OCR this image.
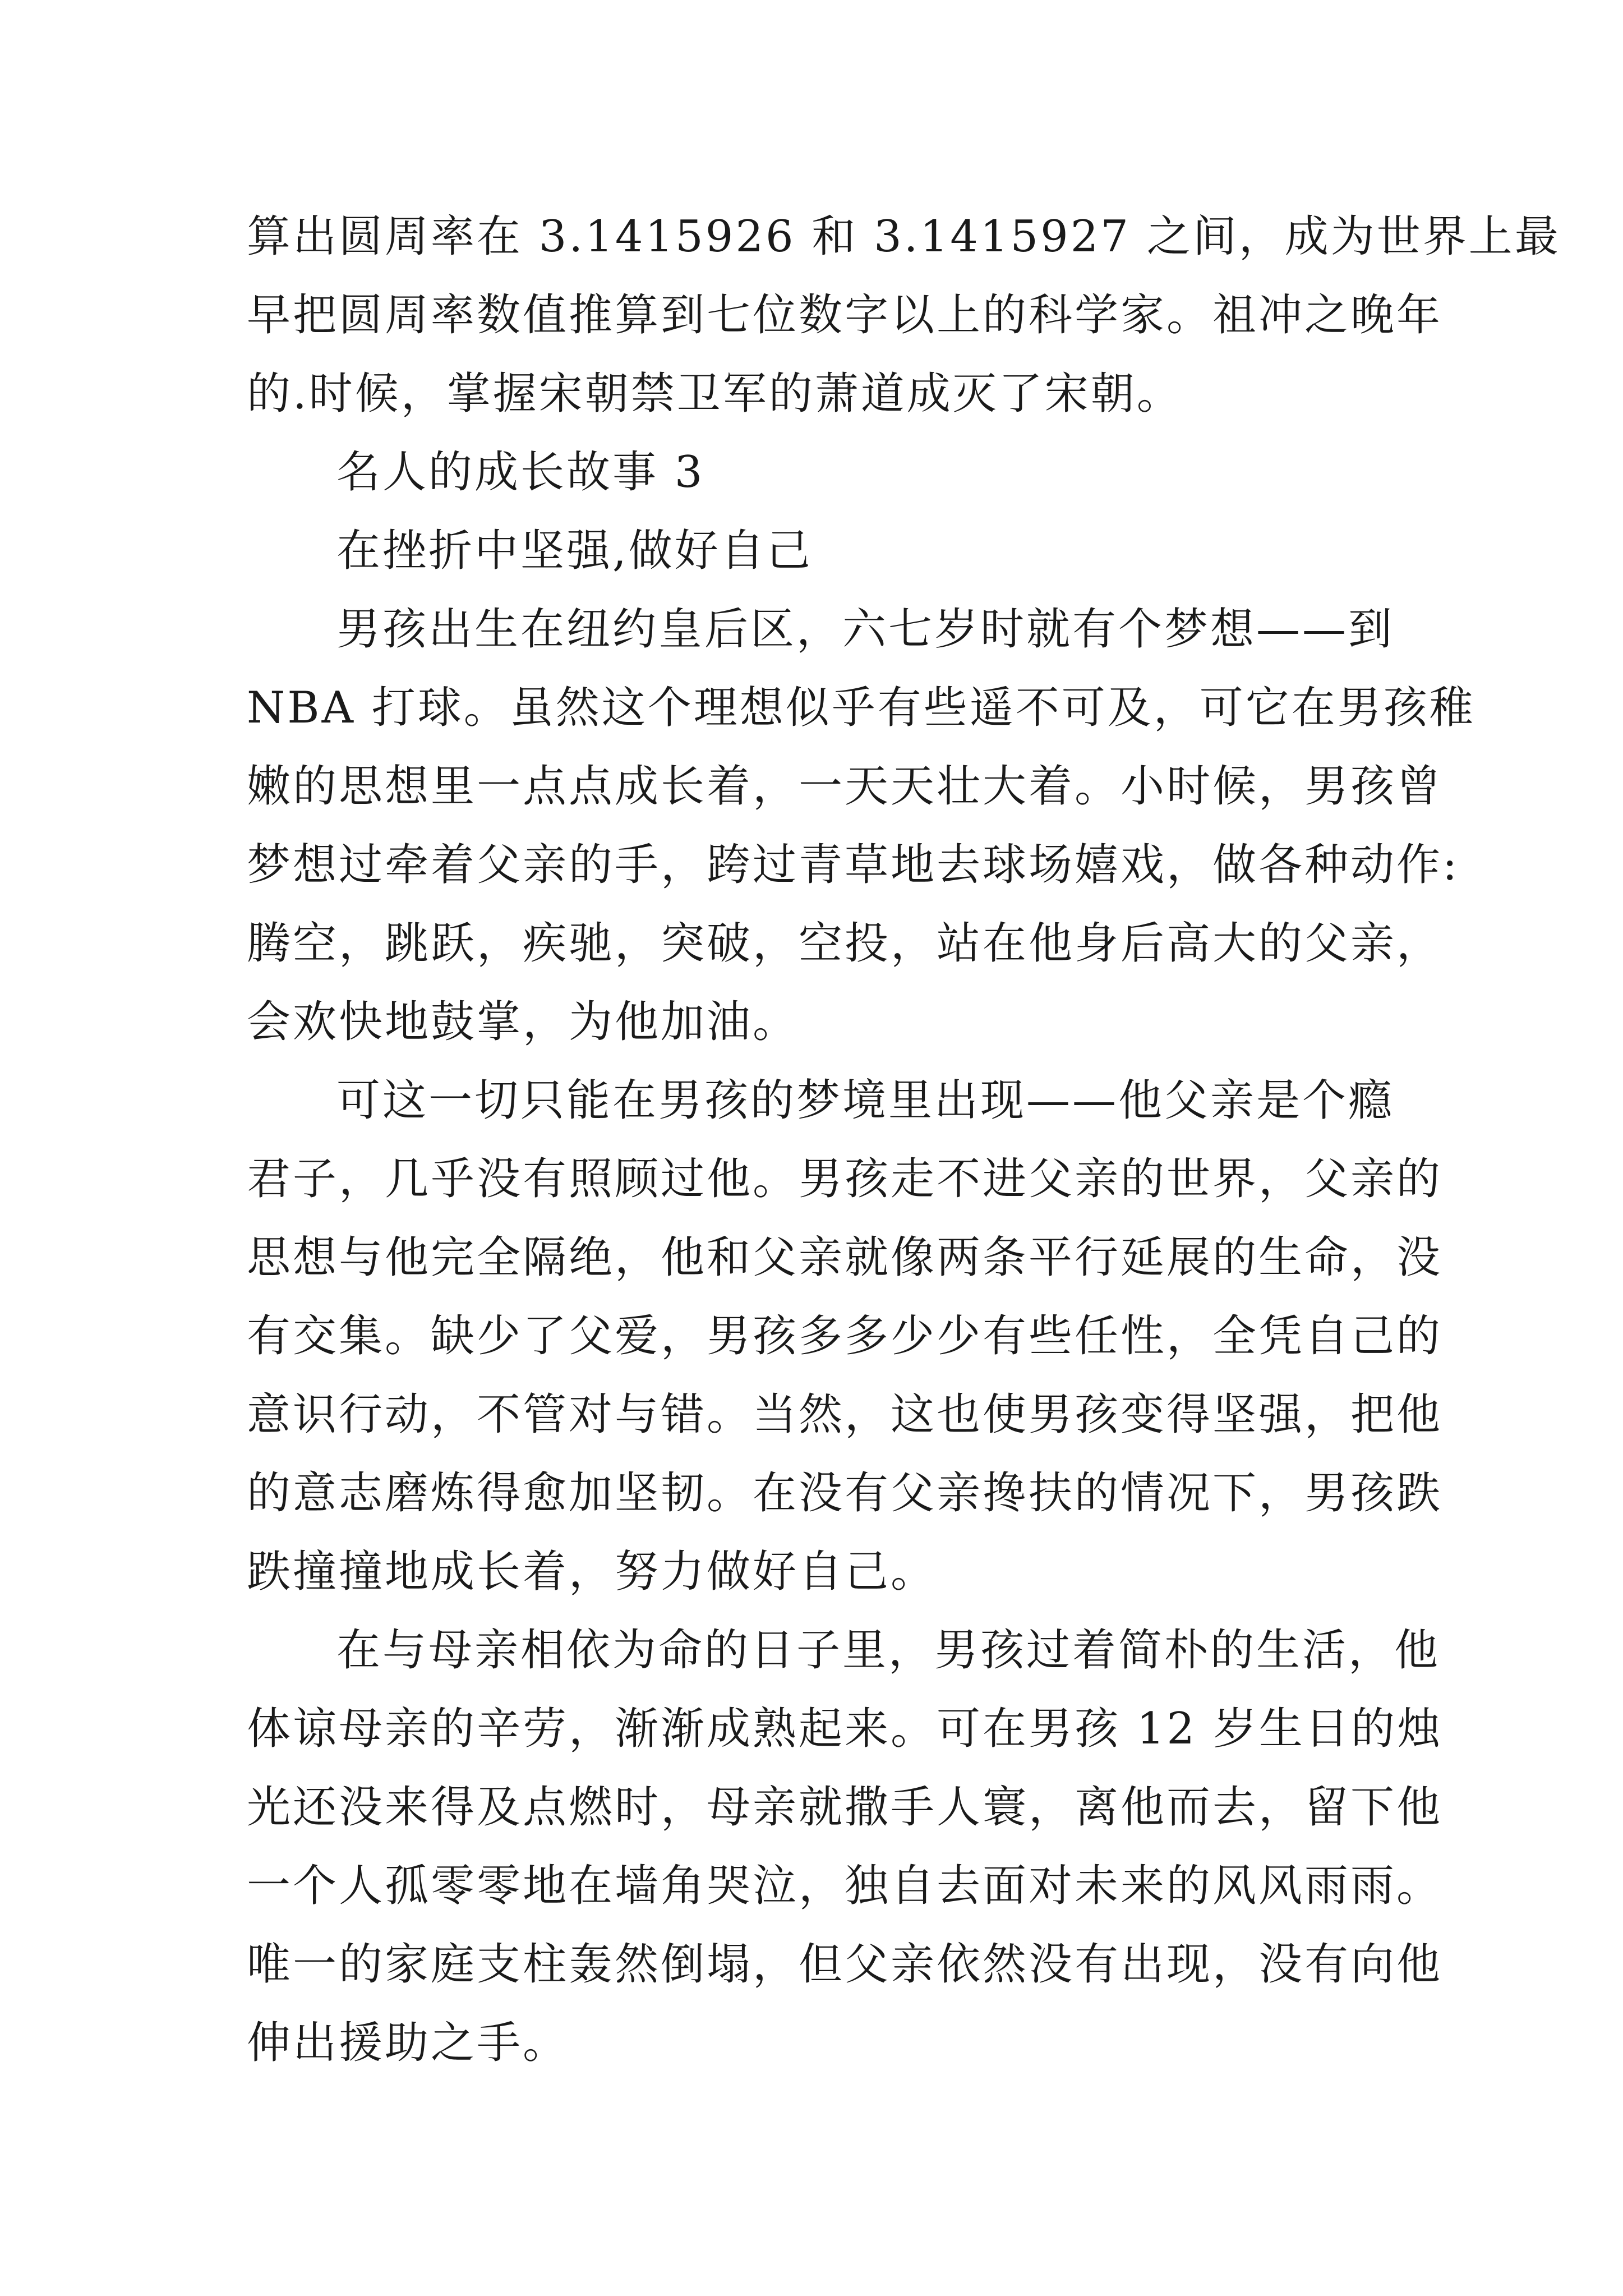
算出圆周率在 3.1415926 和 3.1415927 之间，成为世界上最
早把圆周率数值推算到七位数字以上的科学家。祖冲之晚年
的.时候，掌握宋朝禁卫军的萧道成灭了宋朝。
名人的成长故事 3
在挫折中坚强,做好自己
男孩出生在纽约皇后区，六七岁时就有个梦想——到
NBA 打球。虽然这个理想似乎有些遥不可及，可它在男孩稚
嫩的思想里一点点成长着，一天天壮大着。小时候，男孩曾
梦想过牵着父亲的手，跨过青草地去球场嬉戏，做各种动作:
腾空，跳跃，疾驰，突破，空投，站在他身后高大的父亲，
会欢快地鼓掌，为他加油。
可这一切只能在男孩的梦境里出现——他父亲是个瘾
君子，几乎没有照顾过他。男孩走不进父亲的世界，父亲的
思想与他完全隔绝，他和父亲就像两条平行延展的生命，没
有交集。缺少了父爱，男孩多多少少有些任性，全凭自己的
意识行动，不管对与错。当然，这也使男孩变得坚强，把他
的意志磨炼得愈加坚韧。在没有父亲搀扶的情况下，男孩跌
跌撞撞地成长着，努力做好自己。
在与母亲相依为命的日子里，男孩过着简朴的生活，他
体谅母亲的辛劳，渐渐成熟起来。可在男孩 12 岁生日的烛
光还没来得及点燃时，母亲就撒手人寰，离他而去，留下他
一个人孤零零地在墙角哭泣，独自去面对未来的风风雨雨。
唯一的家庭支柱轰然倒塌，但父亲依然没有出现，没有向他
伸出援助之手。
